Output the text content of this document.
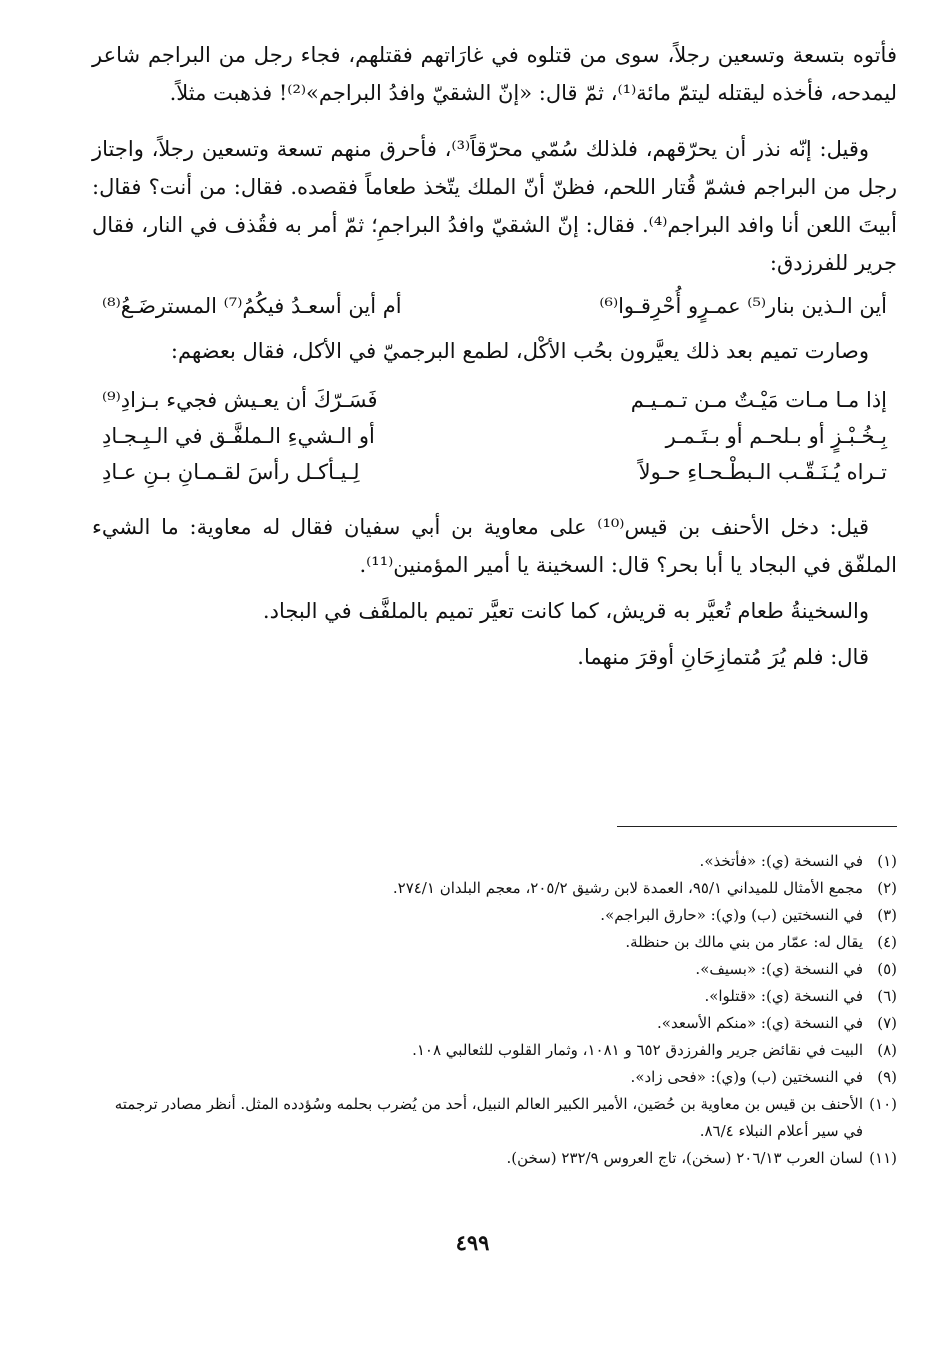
فأتوه بتسعة وتسعين رجلاً، سوى من قتلوه في غارَاتهم فقتلهم، فجاء رجل من البراجم شاعر ليمدحه، فأخذه ليقتله ليتمّ مائة⁽¹⁾، ثمّ قال: «إنّ الشقيّ وافدُ البراجم»⁽²⁾! فذهبت مثلاً.

وقيل: إنّه نذر أن يحرّقهم، فلذلك سُمّي محرّقاً⁽³⁾، فأحرق منهم تسعة وتسعين رجلاً، واجتاز رجل من البراجم فشمّ قُتار اللحم، فظنّ أنّ الملك يتّخذ طعاماً فقصده. فقال: من أنت؟ فقال: أبيتَ اللعن أنا وافد البراجم⁽⁴⁾. فقال: إنّ الشقيّ وافدُ البراجمِ؛ ثمّ أمر به فقُذف في النار، فقال جرير للفرزدق:

أين الـذين بنار⁽⁵⁾ عمـرٍو أُحْرِقـوا⁽⁶⁾
أم أين أسعـدُ فيكُمُ⁽⁷⁾ المسترضَـعُ⁽⁸⁾

وصارت تميم بعد ذلك يعيَّرون بحُب الأكْل، لطمع البرجميّ في الأكل، فقال بعضهم:

إذا مـا مـات مَيْـتٌ مـن تـمـيـم
فَسَـرّكَ أن يعـيش فجيء بـزادِ⁽⁹⁾
بِـخُـبْـزٍ أو بـلحـم أو بـتَـمـر
أو الـشيءِ الـملفَّـق في الـبِـجـادِ
تـراه يُـنَـقّـب الـبطْـحـاءِ حـولاً
لِـيـأكـل رأسَ لقـمـانِ بـنِ عـادِ

قيل: دخل الأحنف بن قيس⁽¹⁰⁾ على معاوية بن أبي سفيان فقال له معاوية: ما الشيء الملفّق في البجاد يا أبا بحر؟ قال: السخينة يا أمير المؤمنين⁽¹¹⁾.

والسخينةُ طعام تُعيَّر به قريش، كما كانت تعيَّر تميم بالملفَّف في البجاد.

قال: فلم يُرَ مُتمازِحَانِ أوقرَ منهما.

(١)
في النسخة (ي): «فأتخذ».
(٢)
مجمع الأمثال للميداني ٩٥/١، العمدة لابن رشيق ٢٠٥/٢، معجم البلدان ٢٧٤/١.
(٣)
في النسختين (ب) و(ي): «حارق البراجم».
(٤)
يقال له: عمّار من بني مالك بن حنظلة.
(٥)
في النسخة (ي): «بسيف».
(٦)
في النسخة (ي): «قتلوا».
(٧)
في النسخة (ي): «منكم الأسعد».
(٨)
البيت في نقائض جرير والفرزدق ٦٥٢ و ١٠٨١، وثمار القلوب للثعالبي ١٠٨.
(٩)
في النسختين (ب) و(ي): «فحى زاد».
(١٠)
الأحنف بن قيس بن معاوية بن حُصَين، الأمير الكبير العالم النبيل، أحد من يُضرب بحلمه وسُؤدده المثل. أنظر مصادر ترجمته في سير أعلام النبلاء ٨٦/٤.
(١١)
لسان العرب ٢٠٦/١٣ (سخن)، تاج العروس ٢٣٢/٩ (سخن).
٤٩٩
